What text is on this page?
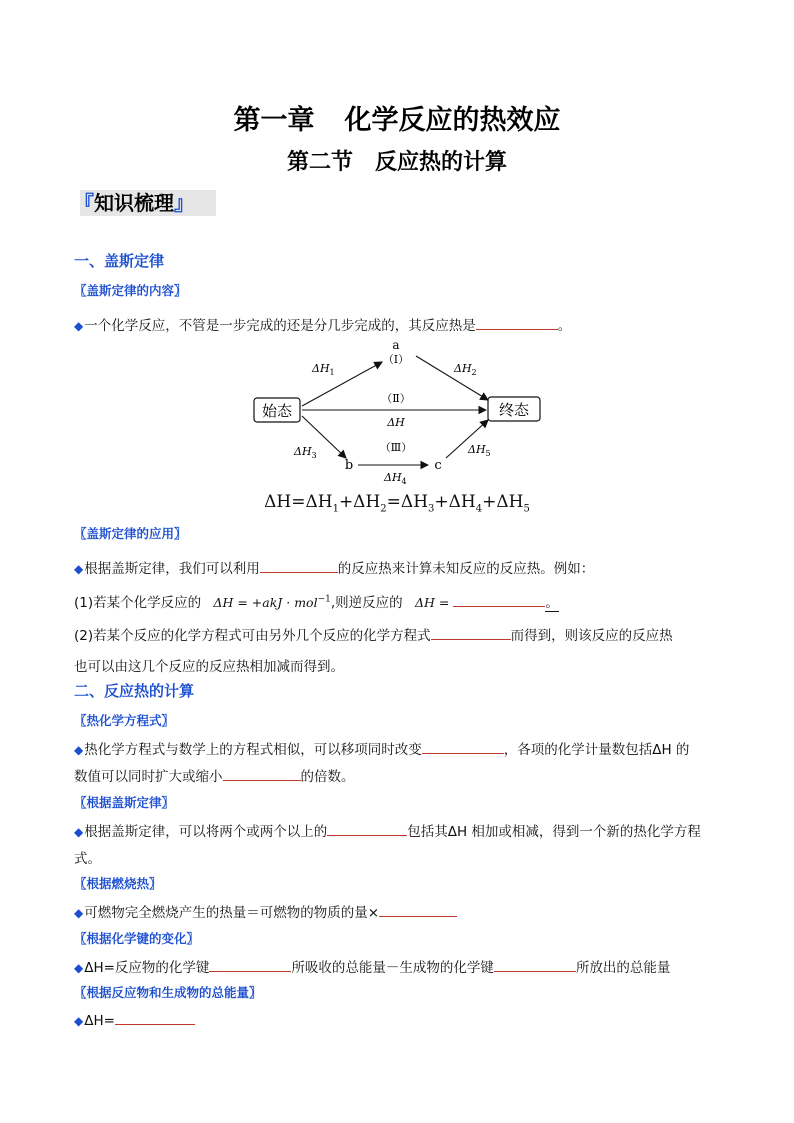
第一章 化学反应的热效应
第二节 反应热的计算
『知识梳理』
一、盖斯定律
〖盖斯定律的内容〗
◆一个化学反应，不管是一步完成的还是分几步完成的，其反应热是	。
始态	终态
a
（Ⅰ）
（Ⅱ）
（Ⅲ）
b	c
$\Delta H_1$	$\Delta H_2$
ΔH
$\Delta H_3$
$\Delta H_4$
$\Delta H_5$
$\Delta H=\Delta H_1+\Delta H_2=\Delta H_3+\Delta H_4+\Delta H_5$
〖盖斯定律的应用〗
◆根据盖斯定律，我们可以利用	的反应热来计算未知反应的反应热。例如：
(1)若某个化学反应的 ΔH = +akJ · mol$^{-1}$,则逆反应的 ΔH =	。
(2)若某个反应的化学方程式可由另外几个反应的化学方程式	而得到，则该反应的反应热
也可以由这几个反应的反应热相加减而得到。
二、反应热的计算
〖热化学方程式〗
◆热化学方程式与数学上的方程式相似，可以移项同时改变	，各项的化学计量数包括ΔH 的
数值可以同时扩大或缩小	的倍数。
〖根据盖斯定律〗
◆根据盖斯定律，可以将两个或两个以上的	包括其ΔH 相加或相减，得到一个新的热化学方程
式。
〖根据燃烧热〗
◆可燃物完全燃烧产生的热量＝可燃物的物质的量×
〖根据化学键的变化〗
◆ΔH=反应物的化学键	所吸收的总能量－生成物的化学键	所放出的总能量
〖根据反应物和生成物的总能量〗
◆ΔH=
